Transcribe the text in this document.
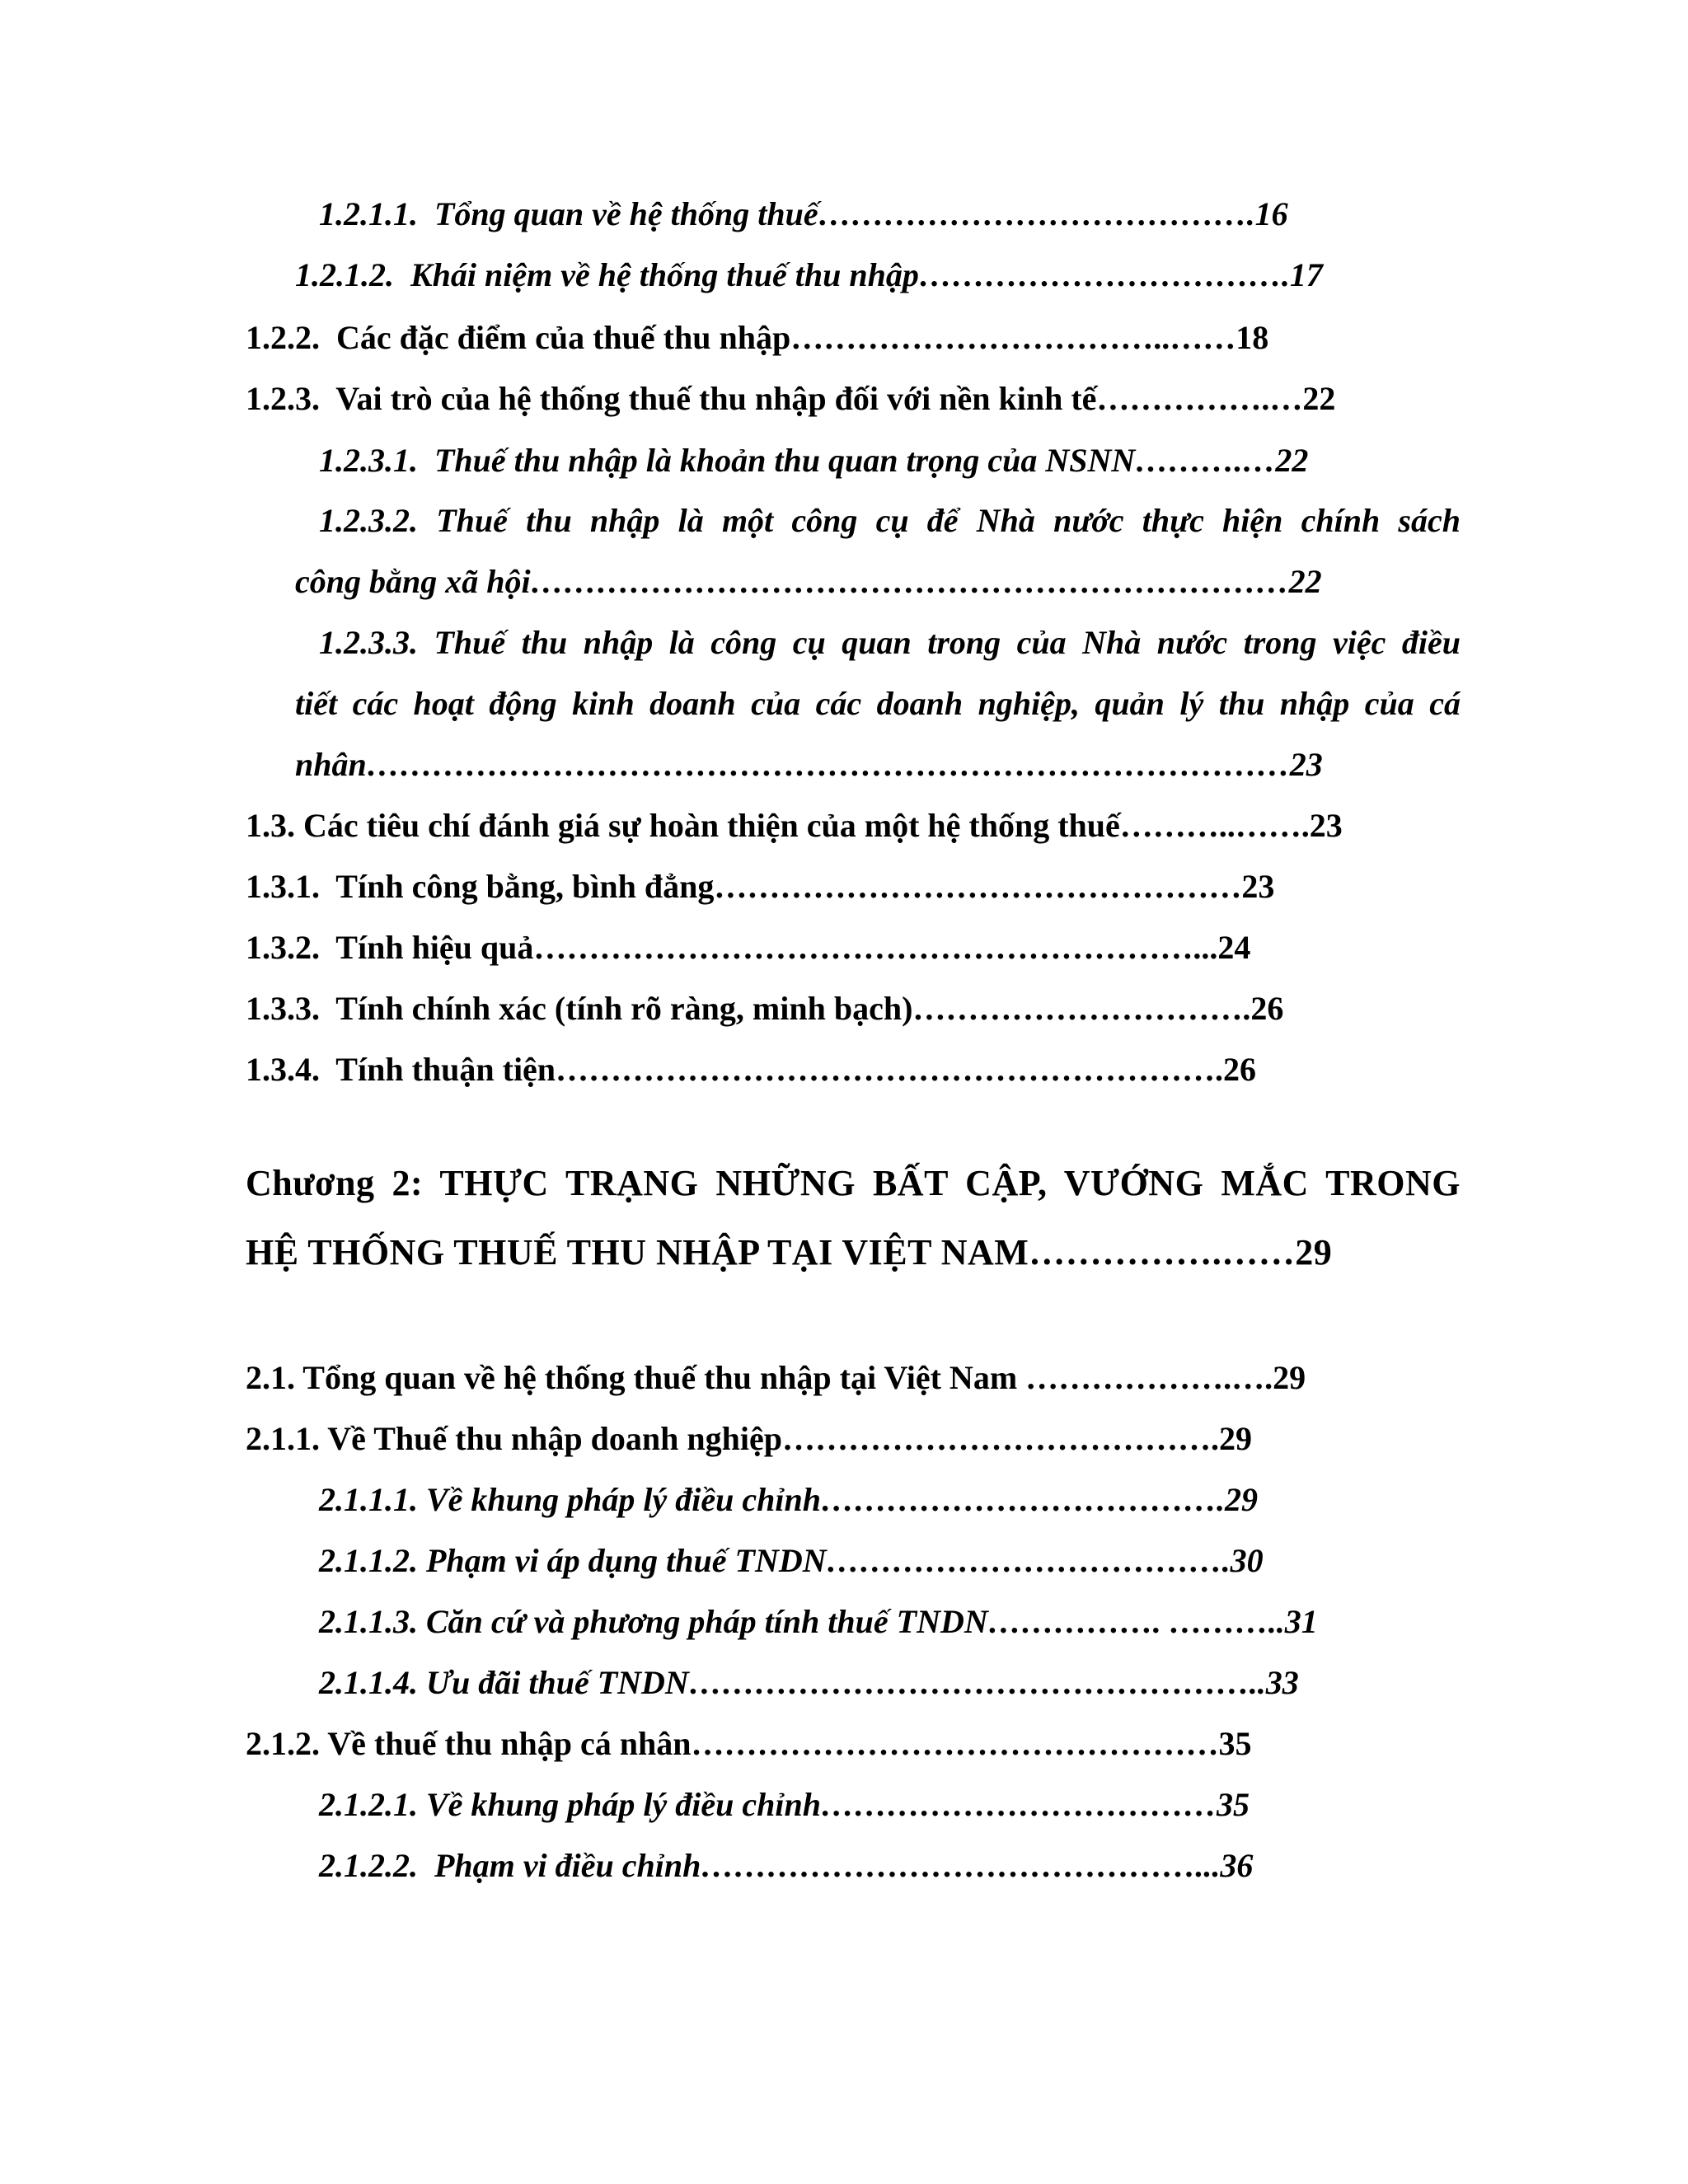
1.2.1.1.  Tổng quan về hệ thống thuế………………………………….16
1.2.1.2.  Khái niệm về hệ thống thuế thu nhập…………………………….17
1.2.2.  Các đặc điểm của thuế thu nhập……………………………..……18
1.2.3.  Vai trò của hệ thống thuế thu nhập đối với nền kinh tế…………….…22
1.2.3.1.  Thuế thu nhập là khoản thu quan trọng của NSNN……….…22
1.2.3.2. Thuế thu nhập là một công cụ để Nhà nước thực hiện chính sách
công bằng xã hội……………………………………………………………22
1.2.3.3. Thuế thu nhập là công cụ quan trong của Nhà nước trong việc điều
tiết các hoạt động kinh doanh của các doanh nghiệp, quản lý thu nhập của cá
nhân…………………………………………………………………………23
1.3. Các tiêu chí đánh giá sự hoàn thiện của một hệ thống thuế………..…….23
1.3.1.  Tính công bằng, bình đẳng…………………………………………23
1.3.2.  Tính hiệu quả……………………………………………………...24
1.3.3.  Tính chính xác (tính rõ ràng, minh bạch)………………………….26
1.3.4.  Tính thuận tiện…………………………………………………….26
Chương 2: THỰC TRẠNG NHỮNG BẤT CẬP, VƯỚNG MẮC TRONG
HỆ THỐNG THUẾ THU NHẬP TẠI VIỆT NAM…………….……29
2.1. Tổng quan về hệ thống thuế thu nhập tại Việt Nam ……………….….29
2.1.1. Về Thuế thu nhập doanh nghiệp………………………………….29
2.1.1.1. Về khung pháp lý điều chỉnh……………………………….29
2.1.1.2. Phạm vi áp dụng thuế TNDN……………………………….30
2.1.1.3. Căn cứ và phương pháp tính thuế TNDN……………. ………..31
2.1.1.4. Ưu đãi thuế TNDN……………………………………………..33
2.1.2. Về thuế thu nhập cá nhân…………………………………………35
2.1.2.1. Về khung pháp lý điều chỉnh………………………………35
2.1.2.2.  Phạm vi điều chỉnh………………………………………...36
